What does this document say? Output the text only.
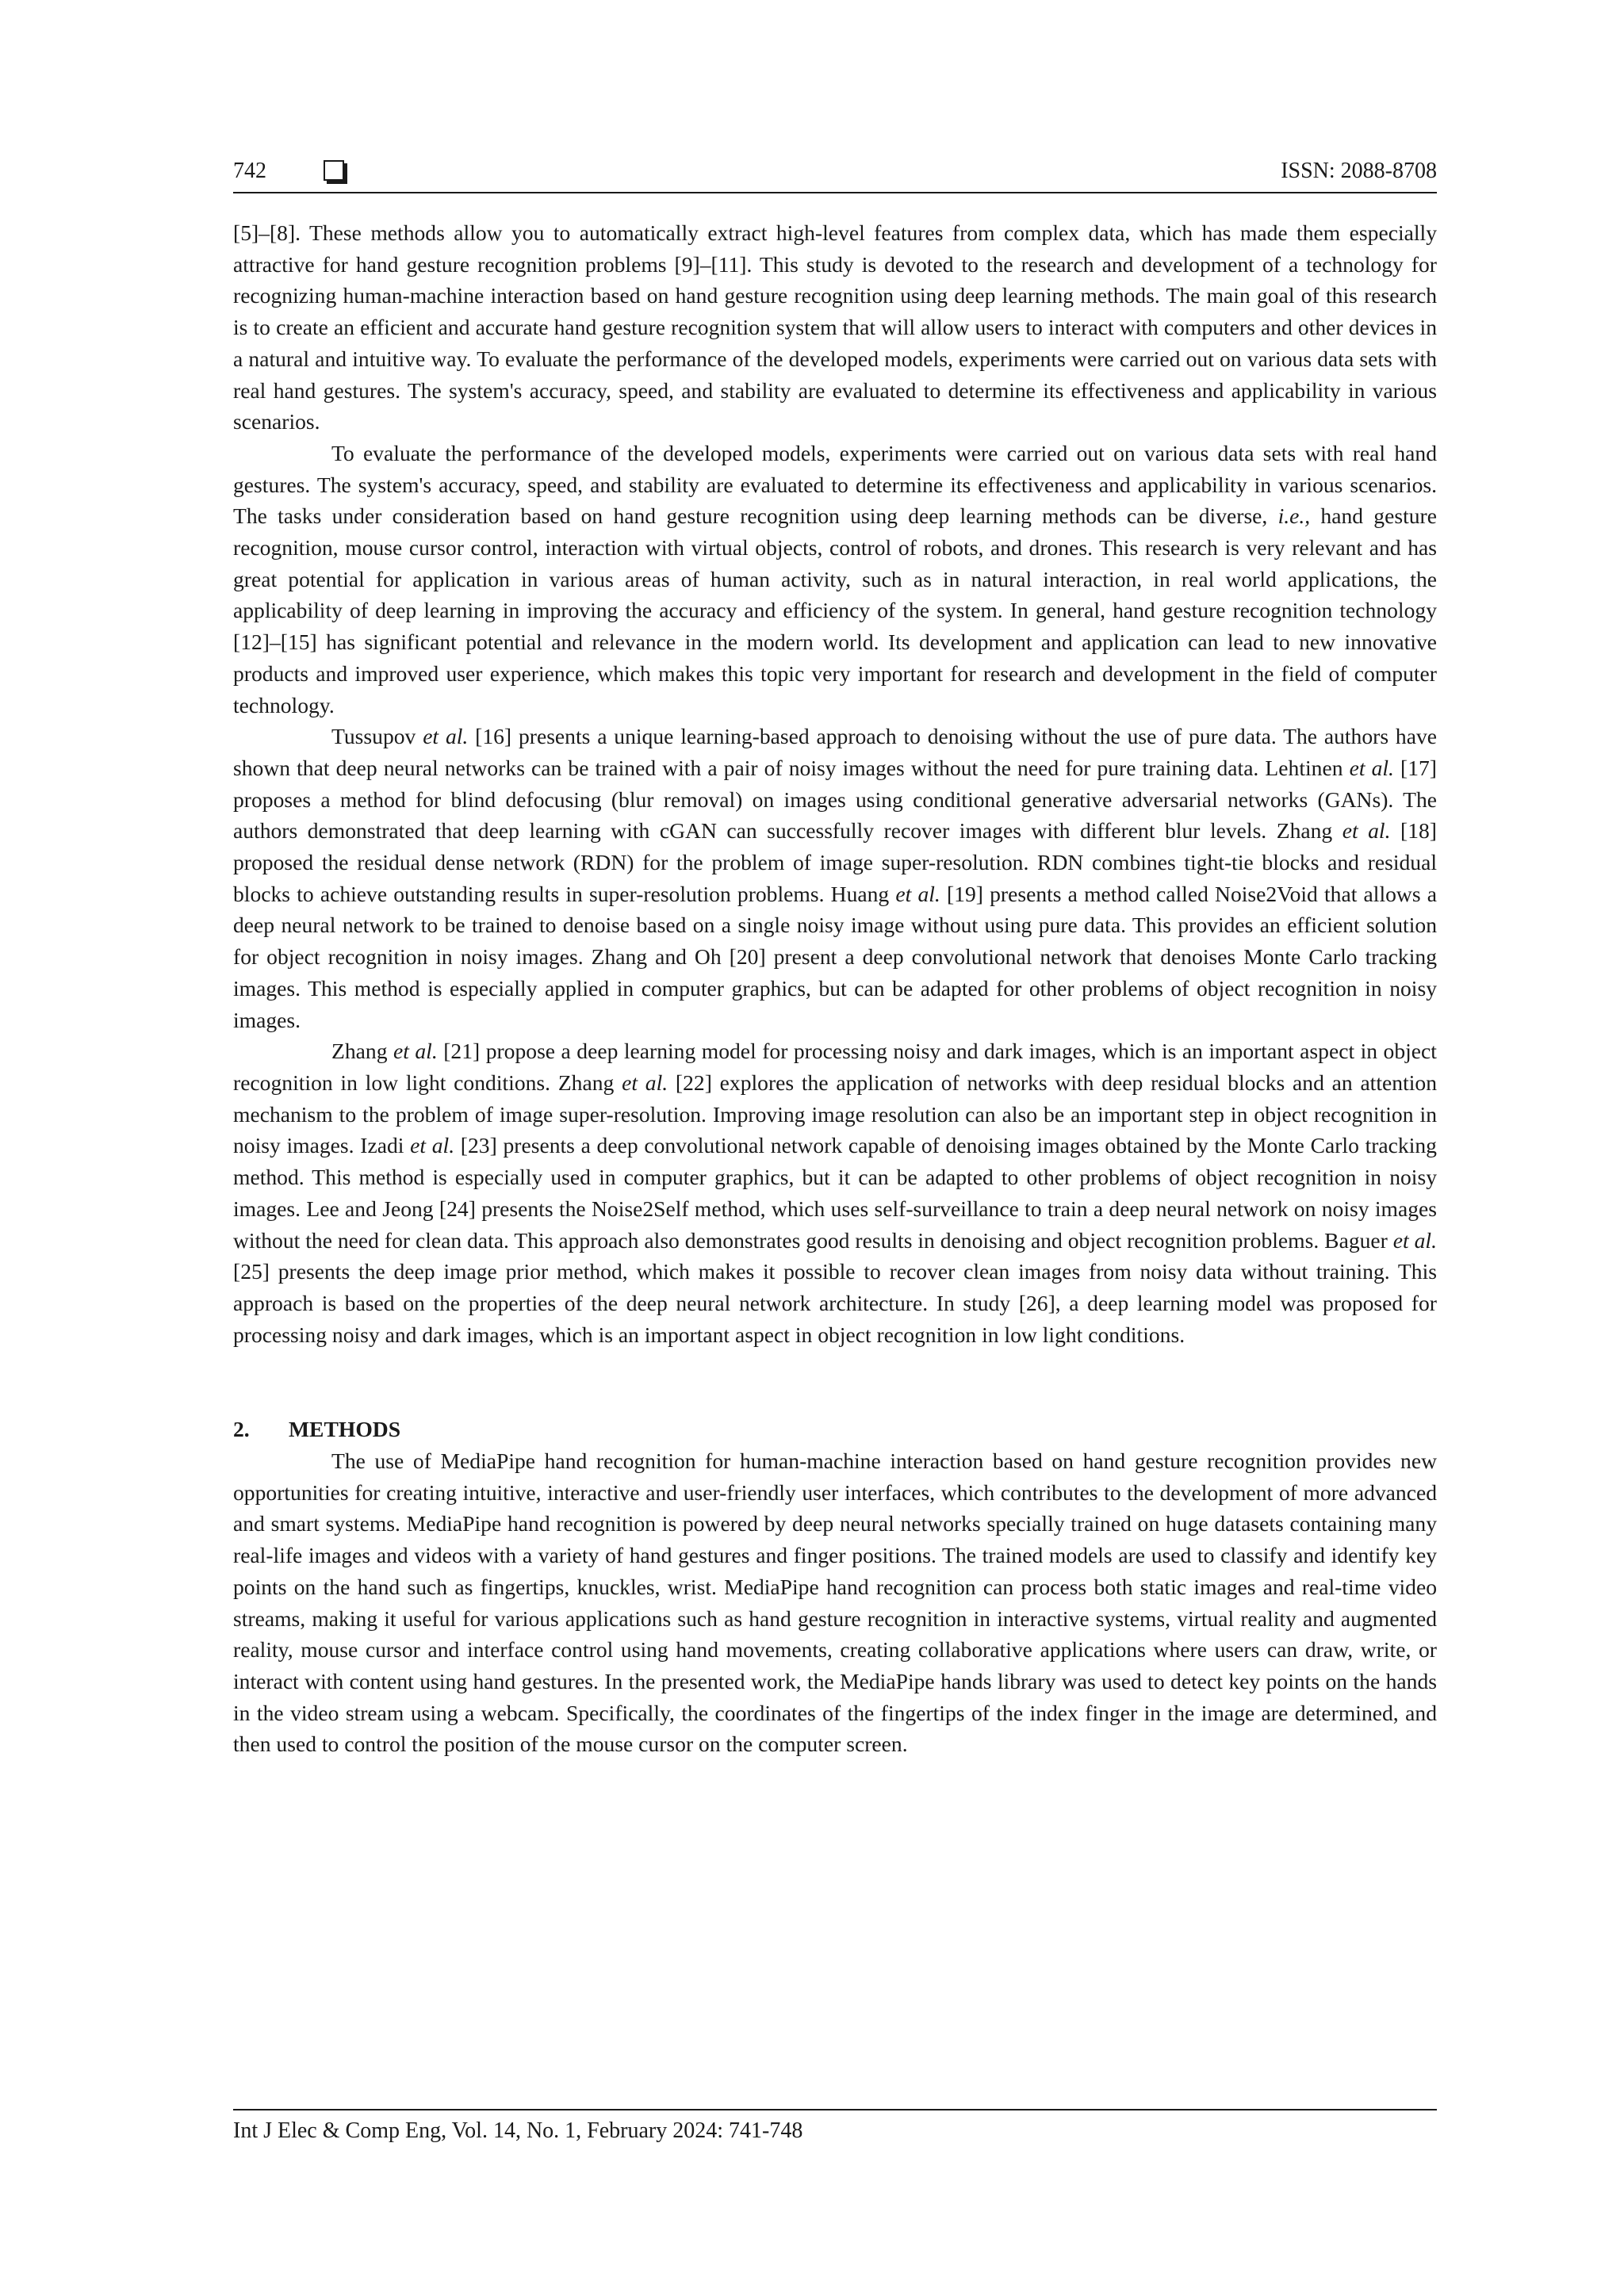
742	ISSN: 2088-8708

[5]–[8]. These methods allow you to automatically extract high-level features from complex data, which has made them especially attractive for hand gesture recognition problems [9]–[11]. This study is devoted to the research and development of a technology for recognizing human-machine interaction based on hand gesture recognition using deep learning methods. The main goal of this research is to create an efficient and accurate hand gesture recognition system that will allow users to interact with computers and other devices in a natural and intuitive way. To evaluate the performance of the developed models, experiments were carried out on various data sets with real hand gestures. The system's accuracy, speed, and stability are evaluated to determine its effectiveness and applicability in various scenarios.

To evaluate the performance of the developed models, experiments were carried out on various data sets with real hand gestures. The system's accuracy, speed, and stability are evaluated to determine its effectiveness and applicability in various scenarios. The tasks under consideration based on hand gesture recognition using deep learning methods can be diverse, i.e., hand gesture recognition, mouse cursor control, interaction with virtual objects, control of robots, and drones. This research is very relevant and has great potential for application in various areas of human activity, such as in natural interaction, in real world applications, the applicability of deep learning in improving the accuracy and efficiency of the system. In general, hand gesture recognition technology [12]–[15] has significant potential and relevance in the modern world. Its development and application can lead to new innovative products and improved user experience, which makes this topic very important for research and development in the field of computer technology.

Tussupov et al. [16] presents a unique learning-based approach to denoising without the use of pure data. The authors have shown that deep neural networks can be trained with a pair of noisy images without the need for pure training data. Lehtinen et al. [17] proposes a method for blind defocusing (blur removal) on images using conditional generative adversarial networks (GANs). The authors demonstrated that deep learning with cGAN can successfully recover images with different blur levels. Zhang et al. [18] proposed the residual dense network (RDN) for the problem of image super-resolution. RDN combines tight-tie blocks and residual blocks to achieve outstanding results in super-resolution problems. Huang et al. [19] presents a method called Noise2Void that allows a deep neural network to be trained to denoise based on a single noisy image without using pure data. This provides an efficient solution for object recognition in noisy images. Zhang and Oh [20] present a deep convolutional network that denoises Monte Carlo tracking images. This method is especially applied in computer graphics, but can be adapted for other problems of object recognition in noisy images.

Zhang et al. [21] propose a deep learning model for processing noisy and dark images, which is an important aspect in object recognition in low light conditions. Zhang et al. [22] explores the application of networks with deep residual blocks and an attention mechanism to the problem of image super-resolution. Improving image resolution can also be an important step in object recognition in noisy images. Izadi et al. [23] presents a deep convolutional network capable of denoising images obtained by the Monte Carlo tracking method. This method is especially used in computer graphics, but it can be adapted to other problems of object recognition in noisy images. Lee and Jeong [24] presents the Noise2Self method, which uses self-surveillance to train a deep neural network on noisy images without the need for clean data. This approach also demonstrates good results in denoising and object recognition problems. Baguer et al. [25] presents the deep image prior method, which makes it possible to recover clean images from noisy data without training. This approach is based on the properties of the deep neural network architecture. In study [26], a deep learning model was proposed for processing noisy and dark images, which is an important aspect in object recognition in low light conditions.

2. METHODS

The use of MediaPipe hand recognition for human-machine interaction based on hand gesture recognition provides new opportunities for creating intuitive, interactive and user-friendly user interfaces, which contributes to the development of more advanced and smart systems. MediaPipe hand recognition is powered by deep neural networks specially trained on huge datasets containing many real-life images and videos with a variety of hand gestures and finger positions. The trained models are used to classify and identify key points on the hand such as fingertips, knuckles, wrist. MediaPipe hand recognition can process both static images and real-time video streams, making it useful for various applications such as hand gesture recognition in interactive systems, virtual reality and augmented reality, mouse cursor and interface control using hand movements, creating collaborative applications where users can draw, write, or interact with content using hand gestures. In the presented work, the MediaPipe hands library was used to detect key points on the hands in the video stream using a webcam. Specifically, the coordinates of the fingertips of the index finger in the image are determined, and then used to control the position of the mouse cursor on the computer screen.

Int J Elec & Comp Eng, Vol. 14, No. 1, February 2024: 741-748
